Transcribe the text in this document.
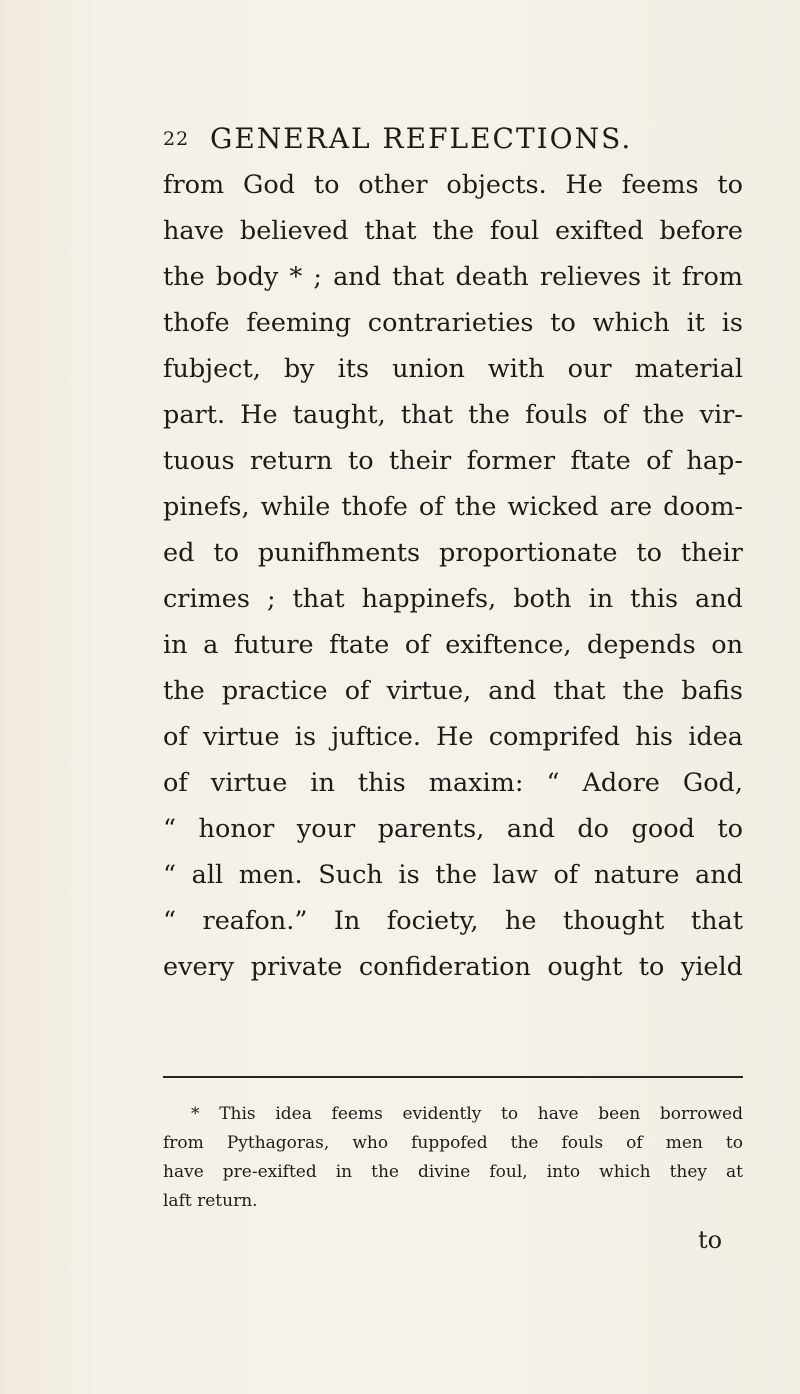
22 GENERAL REFLECTIONS.
from God to other objects. He feems to
have believed that the foul exifted before
the body * ; and that death relieves it from
thofe feeming contrarieties to which it is
fubject, by its union with our material
part. He taught, that the fouls of the vir-
tuous return to their former ftate of hap-
pinefs, while thofe of the wicked are doom-
ed to punifhments proportionate to their
crimes ; that happinefs, both in this and
in a future ftate of exiftence, depends on
the practice of virtue, and that the bafis
of virtue is juftice. He comprifed his idea
of virtue in this maxim: “ Adore God,
“ honor your parents, and do good to
“ all men. Such is the law of nature and
“ reafon.” In fociety, he thought that
every private confideration ought to yield
* This idea feems evidently to have been borrowed
from Pythagoras, who fuppofed the fouls of men to
have pre-exifted in the divine foul, into which they at
laft return.
to
